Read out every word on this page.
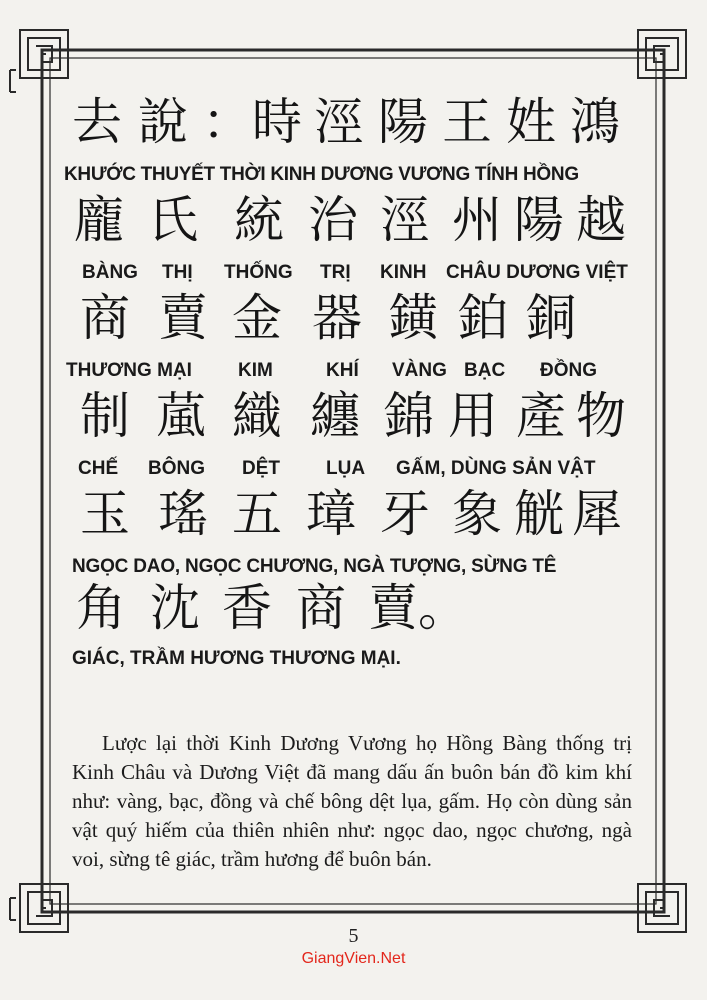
去 說 ： 時 涇 陽 王 姓 鴻
KHƯỚC THUYẾT THỜI KINH DƯƠNG VƯƠNG TÍNH HỒNG
龐 氏 統 治 涇 州 陽 越
BÀNG THỊ THỐNG TRỊ KINH CHÂU DƯƠNG VIỆT
商 賣 金 器 鐄 鉑 銅
THƯƠNG MẠI KIM	KHÍ VÀNG BẠC ĐỒNG
制 葻 織 纏 錦 用 產 物
CHẾ BÔNG DỆT LỤA GẤM, DÙNG SẢN VẬT
玉 瑤 五 璋 牙 象 觥 犀
NGỌC DAO, NGỌC CHƯƠNG, NGÀ TƯỢNG, SỪNG TÊ
角 沈 香 商 賣 。
GIÁC, TRẦM HƯƠNG THƯƠNG MẠI.

Lược lại thời Kinh Dương Vương họ Hồng Bàng thống trị Kinh Châu và Dương Việt đã mang dấu ấn buôn bán đồ kim khí như: vàng, bạc, đồng và chế bông dệt lụa, gấm. Họ còn dùng sản vật quý hiếm của thiên nhiên như: ngọc dao, ngọc chương, ngà voi, sừng tê giác, trầm hương để buôn bán.

5
GiangVien.Net
